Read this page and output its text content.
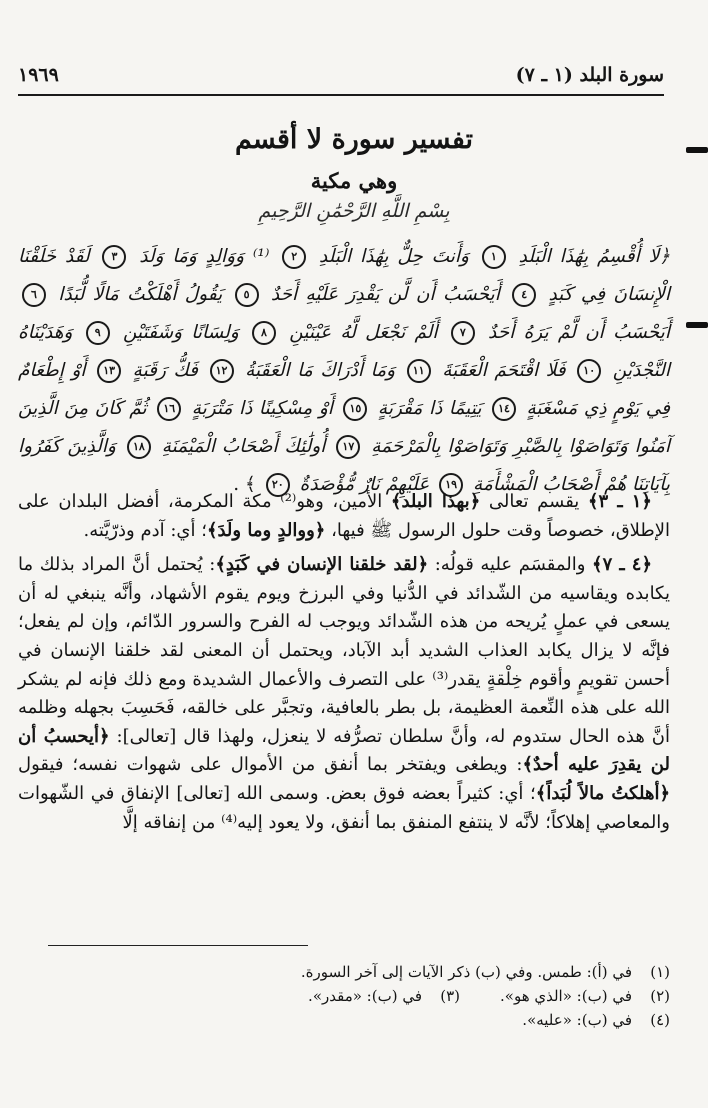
سورة البلد (١ ـ ٧)
١٩٦٩
تفسير سورة لا أقسم
وهي مكية
بِسْمِ اللَّهِ الرَّحْمَٰنِ الرَّحِيمِ
﴿لَا أُقْسِمُ بِهَٰذَا الْبَلَدِ ١ وَأَنتَ حِلٌّ بِهَٰذَا الْبَلَدِ ٢ ⁽¹⁾ وَوَالِدٍ وَمَا وَلَدَ ٣ لَقَدْ خَلَقْنَا الْإِنسَانَ فِي كَبَدٍ ٤ أَيَحْسَبُ أَن لَّن يَقْدِرَ عَلَيْهِ أَحَدٌ ٥ يَقُولُ أَهْلَكْتُ مَالًا لُّبَدًا ٦ أَيَحْسَبُ أَن لَّمْ يَرَهُ أَحَدٌ ٧ أَلَمْ نَجْعَل لَّهُ عَيْنَيْنِ ٨ وَلِسَانًا وَشَفَتَيْنِ ٩ وَهَدَيْنَاهُ النَّجْدَيْنِ ١٠ فَلَا اقْتَحَمَ الْعَقَبَةَ ١١ وَمَا أَدْرَاكَ مَا الْعَقَبَةُ ١٢ فَكُّ رَقَبَةٍ ١٣ أَوْ إِطْعَامٌ فِي يَوْمٍ ذِي مَسْغَبَةٍ ١٤ يَتِيمًا ذَا مَقْرَبَةٍ ١٥ أَوْ مِسْكِينًا ذَا مَتْرَبَةٍ ١٦ ثُمَّ كَانَ مِنَ الَّذِينَ آمَنُوا وَتَوَاصَوْا بِالصَّبْرِ وَتَوَاصَوْا بِالْمَرْحَمَةِ ١٧ أُولَٰئِكَ أَصْحَابُ الْمَيْمَنَةِ ١٨ وَالَّذِينَ كَفَرُوا بِآيَاتِنَا هُمْ أَصْحَابُ الْمَشْأَمَةِ ١٩ عَلَيْهِمْ نَارٌ مُّؤْصَدَةٌ ٢٠ ﴾ .

﴿١ ـ ٣﴾ يقسم تعالى ﴿بهذا البلد﴾ الأمين، وهو⁽²⁾ مكة المكرمة، أفضل البلدان على الإطلاق، خصوصاً وقت حلول الرسول ﷺ فيها، ﴿ووالدٍ وما ولَدَ﴾؛ أي: آدم وذرّيَّته.

﴿٤ ـ ٧﴾ والمقسَم عليه قولُه: ﴿لقد خلقنا الإنسان في كَبَدٍ﴾: يُحتمل أنَّ المراد بذلك ما يكابده ويقاسيه من الشّدائد في الدُّنيا وفي البرزخ ويوم يقوم الأشهاد، وأنَّه ينبغي له أن يسعى في عملٍ يُريحه من هذه الشّدائد ويوجب له الفرح والسرور الدّائم، وإن لم يفعل؛ فإنَّه لا يزال يكابد العذاب الشديد أبد الآباد، ويحتمل أن المعنى لقد خلقنا الإنسان في أحسن تقويمٍ وأقوم خِلْقةٍ يقدر⁽³⁾ على التصرف والأعمال الشديدة ومع ذلك فإنه لم يشكر الله على هذه النِّعمة العظيمة، بل بطر بالعافية، وتجبَّر على خالقه، فَحَسِبَ بجهله وظلمه أنَّ هذه الحال ستدوم له، وأنَّ سلطان تصرُّفه لا ينعزل، ولهذا قال [تعالى]: ﴿أيحسبُ أن لن يقدِرَ عليه أحدٌ﴾: ويطغى ويفتخر بما أنفق من الأموال على شهوات نفسه؛ فيقول ﴿أهلكتُ مالاً لُبَداً﴾؛ أي: كثيراً بعضه فوق بعض. وسمى الله [تعالى] الإنفاق في الشّهوات والمعاصي إهلاكاً؛ لأنَّه لا ينتفع المنفق بما أنفق، ولا يعود إليه⁽⁴⁾ من إنفاقه إلَّا

(١)
في (أ): طمس. وفي (ب) ذكر الآيات إلى آخر السورة.
(٢)
في (ب): «الذي هو».
(٣)
في (ب): «مقدر».
(٤)
في (ب): «عليه».
